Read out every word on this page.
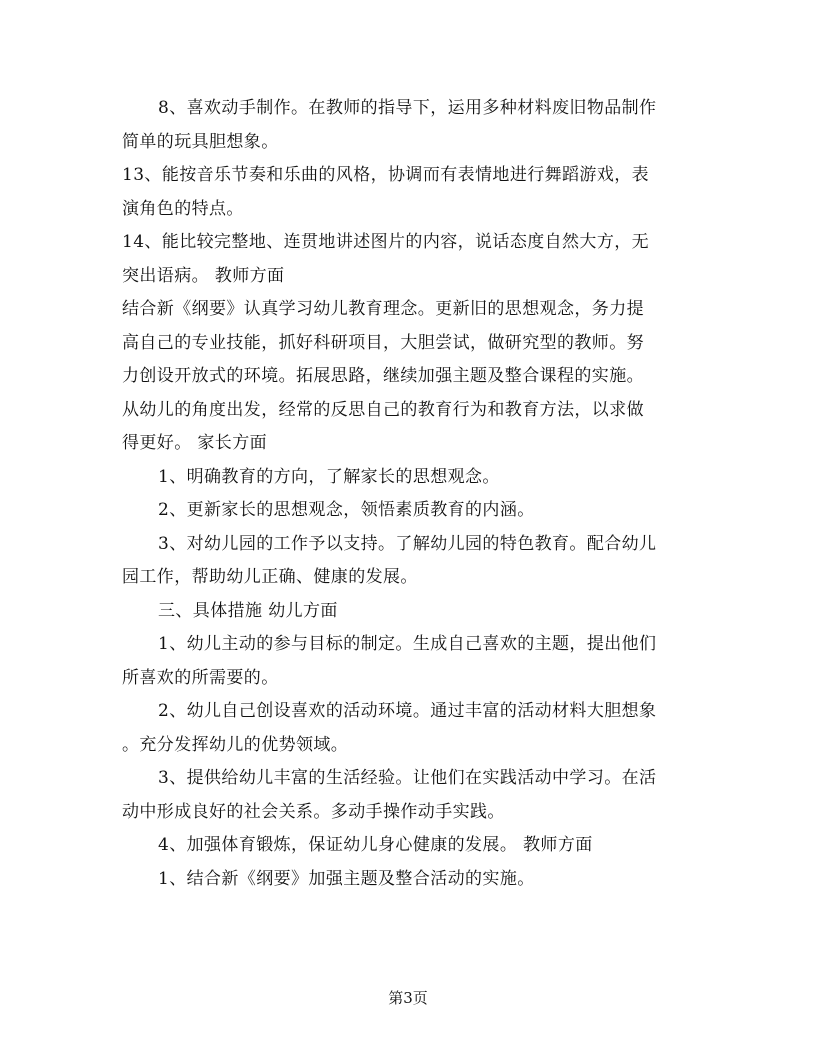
8、喜欢动手制作。在教师的指导下，运用多种材料废旧物品制作

简单的玩具胆想象。

13、能按音乐节奏和乐曲的风格，协调而有表情地进行舞蹈游戏，表

演角色的特点。

14、能比较完整地、连贯地讲述图片的内容，说话态度自然大方，无

突出语病。 教师方面

结合新《纲要》认真学习幼儿教育理念。更新旧的思想观念，务力提

高自己的专业技能，抓好科研项目，大胆尝试，做研究型的教师。努

力创设开放式的环境。拓展思路，继续加强主题及整合课程的实施。

从幼儿的角度出发，经常的反思自己的教育行为和教育方法，以求做

得更好。 家长方面

1、明确教育的方向，了解家长的思想观念。

2、更新家长的思想观念，领悟素质教育的内涵。

3、对幼儿园的工作予以支持。了解幼儿园的特色教育。配合幼儿

园工作，帮助幼儿正确、健康的发展。

三、具体措施 幼儿方面

1、幼儿主动的参与目标的制定。生成自己喜欢的主题，提出他们

所喜欢的所需要的。

2、幼儿自己创设喜欢的活动环境。通过丰富的活动材料大胆想象

。充分发挥幼儿的优势领域。

3、提供给幼儿丰富的生活经验。让他们在实践活动中学习。在活

动中形成良好的社会关系。多动手操作动手实践。

4、加强体育锻炼，保证幼儿身心健康的发展。 教师方面

1、结合新《纲要》加强主题及整合活动的实施。

第3页
